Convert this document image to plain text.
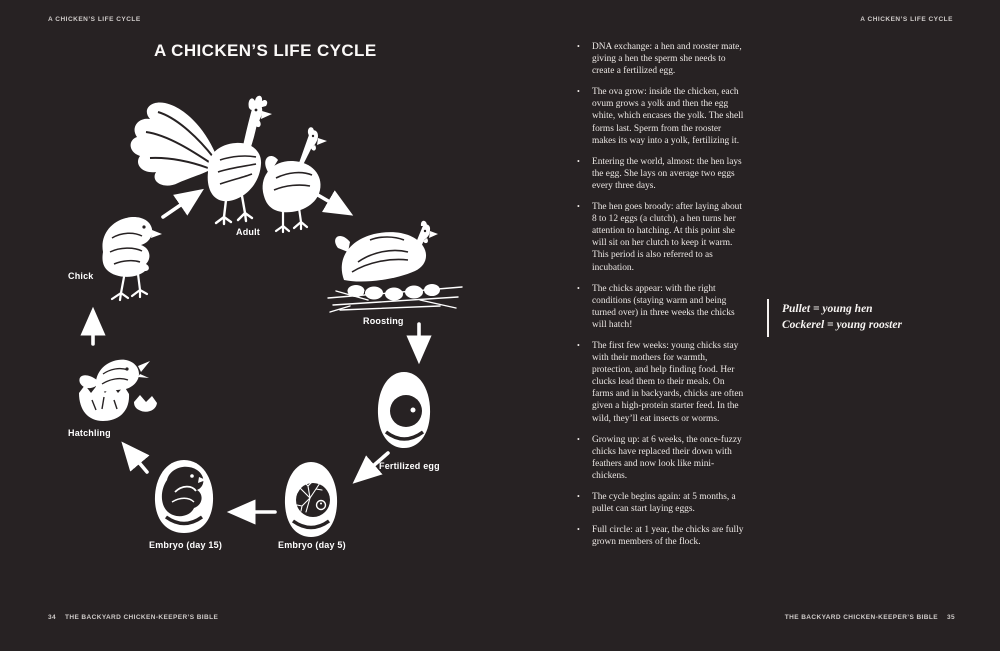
A CHICKEN’S LIFE CYCLE	A CHICKEN’S LIFE CYCLE
A CHICKEN’S LIFE CYCLE
Adult
Chick
Roosting
Fertilized egg
Embryo (day 5)
Embryo (day 15)
Hatchling
•	DNA exchange: a hen and rooster mate, giving a hen the sperm she needs to create a fertilized egg.
•	The ova grow: inside the chicken, each ovum grows a yolk and then the egg white, which encases the yolk. The shell forms last. Sperm from the rooster makes its way into a yolk, fertilizing it.
•	Entering the world, almost: the hen lays the egg. She lays on average two eggs every three days.
•	The hen goes broody: after laying about 8 to 12 eggs (a clutch), a hen turns her attention to hatching. At this point she will sit on her clutch to keep it warm. This period is also referred to as incubation.
•	The chicks appear: with the right conditions (staying warm and being turned over) in three weeks the chicks will hatch!
•	The first few weeks: young chicks stay with their mothers for warmth, protection, and help finding food. Her clucks lead them to their meals. On farms and in backyards, chicks are often given a high-protein starter feed. In the wild, they’ll eat insects or worms.
•	Growing up: at 6 weeks, the once-fuzzy chicks have replaced their down with feathers and now look like mini-chickens.
•	The cycle begins again: at 5 months, a pullet can start laying eggs.
•	Full circle: at 1 year, the chicks are fully grown members of the flock.
Pullet = young hen
Cockerel = young rooster
34 THE BACKYARD CHICKEN-KEEPER’S BIBLE	THE BACKYARD CHICKEN-KEEPER’S BIBLE 35
